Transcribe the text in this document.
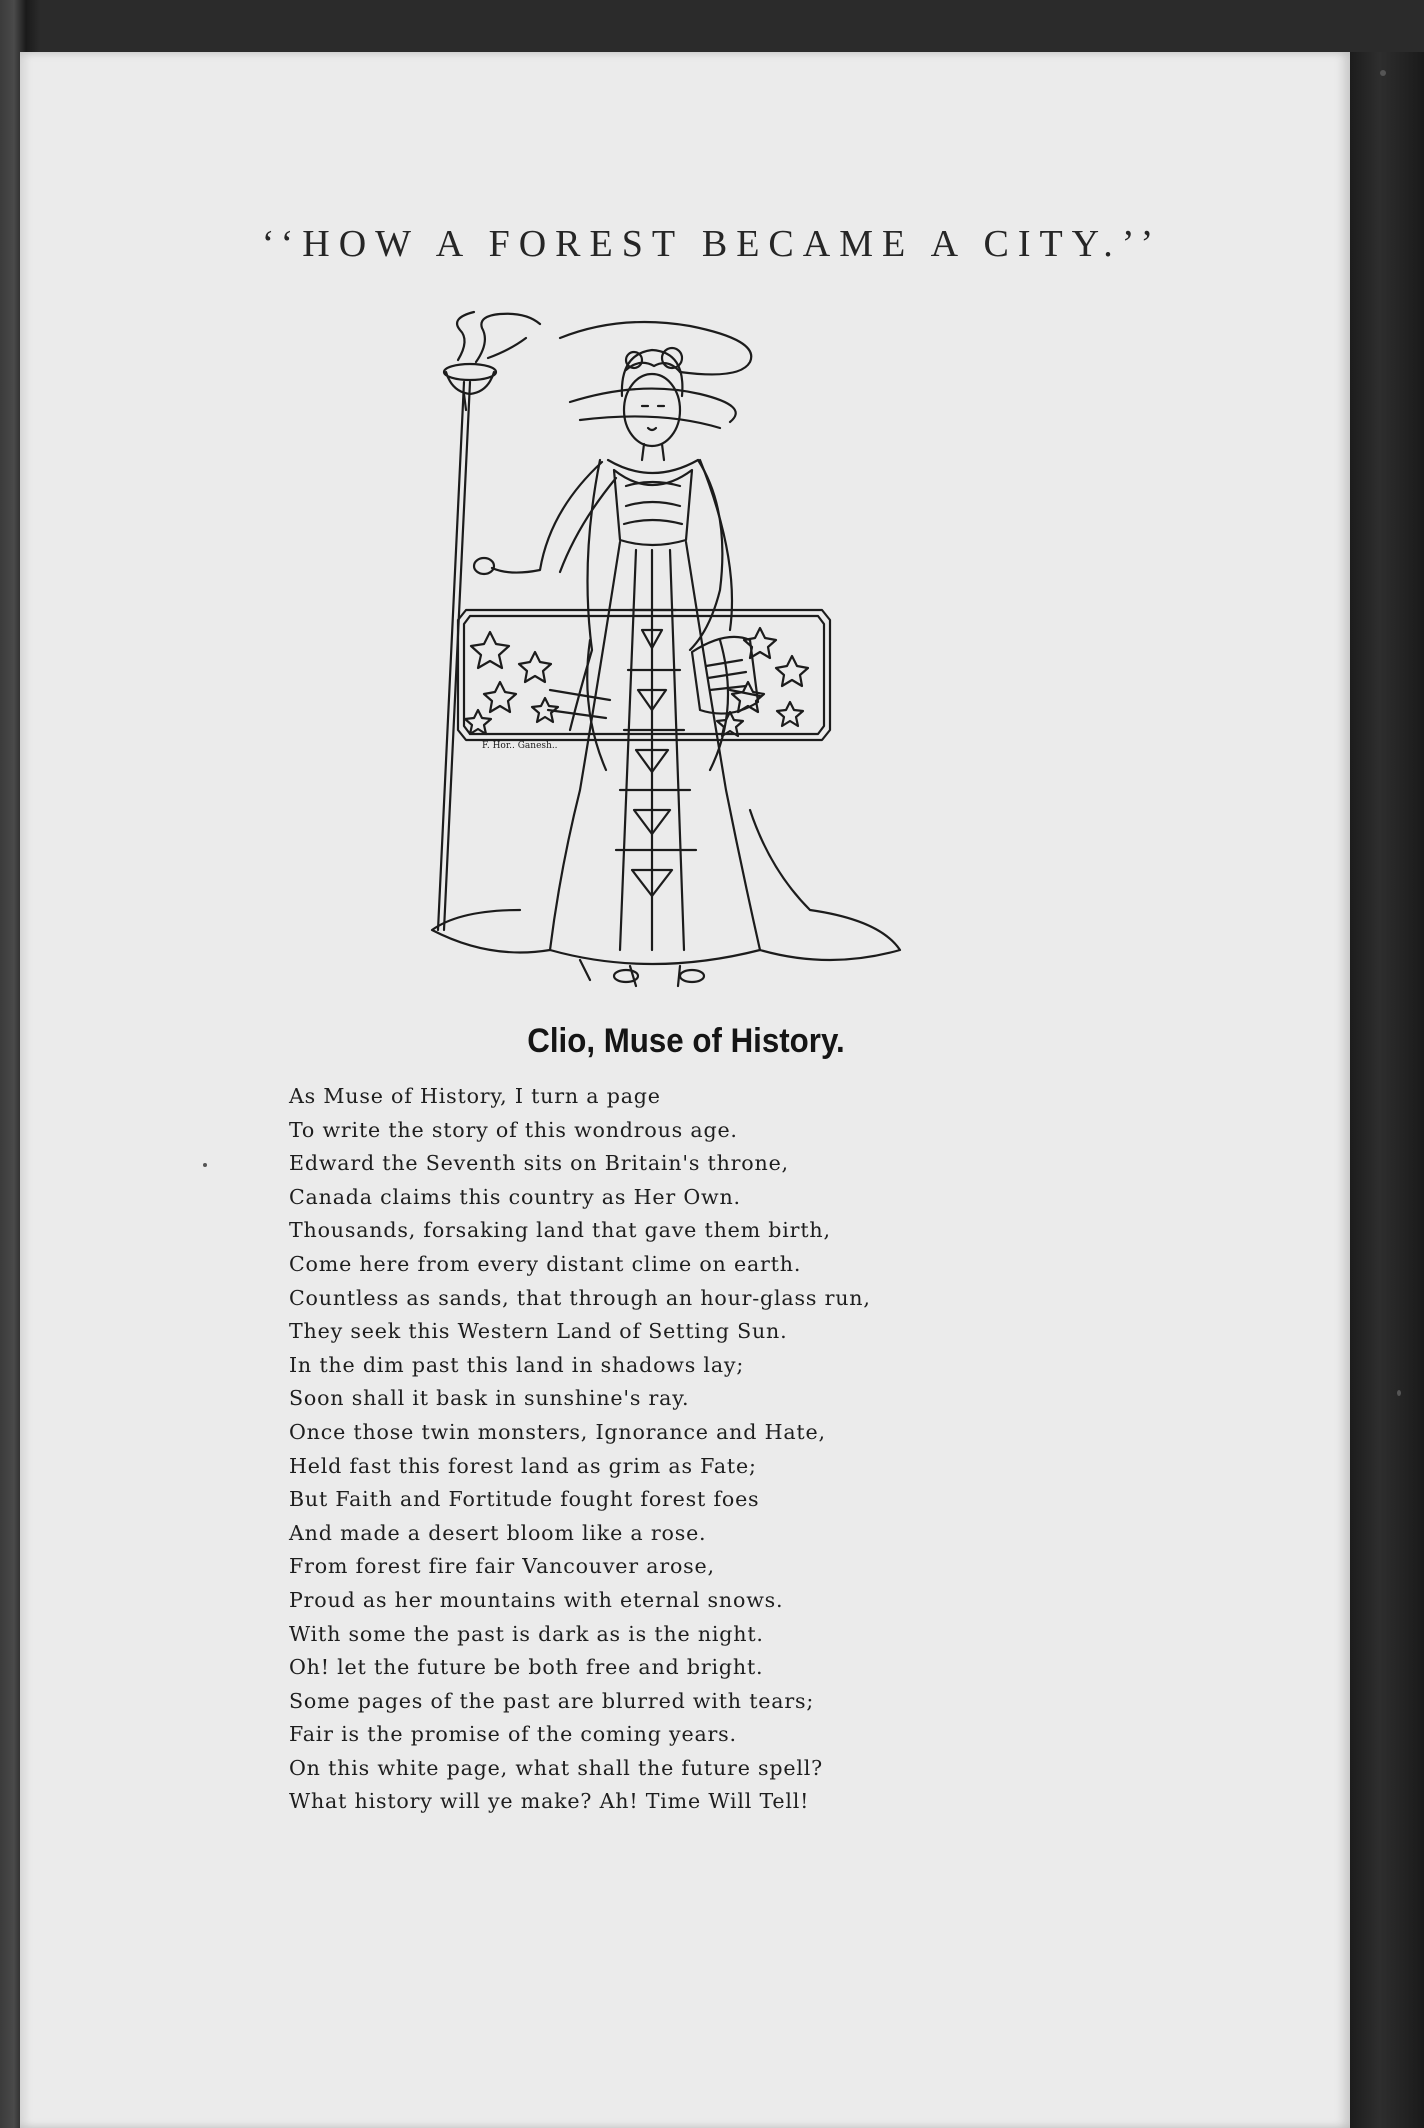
‘‘HOW A FOREST BECAME A CITY.’’
F. Hor.. Ganesh..
Clio, Muse of History.
As Muse of History, I turn a page
To write the story of this wondrous age.
Edward the Seventh sits on Britain's throne,
Canada claims this country as Her Own.
Thousands, forsaking land that gave them birth,
Come here from every distant clime on earth.
Countless as sands, that through an hour-glass run,
They seek this Western Land of Setting Sun.
In the dim past this land in shadows lay;
Soon shall it bask in sunshine's ray.
Once those twin monsters, Ignorance and Hate,
Held fast this forest land as grim as Fate;
But Faith and Fortitude fought forest foes
And made a desert bloom like a rose.
From forest fire fair Vancouver arose,
Proud as her mountains with eternal snows.
With some the past is dark as is the night.
Oh! let the future be both free and bright.
Some pages of the past are blurred with tears;
Fair is the promise of the coming years.
On this white page, what shall the future spell?
What history will ye make? Ah! Time Will Tell!
